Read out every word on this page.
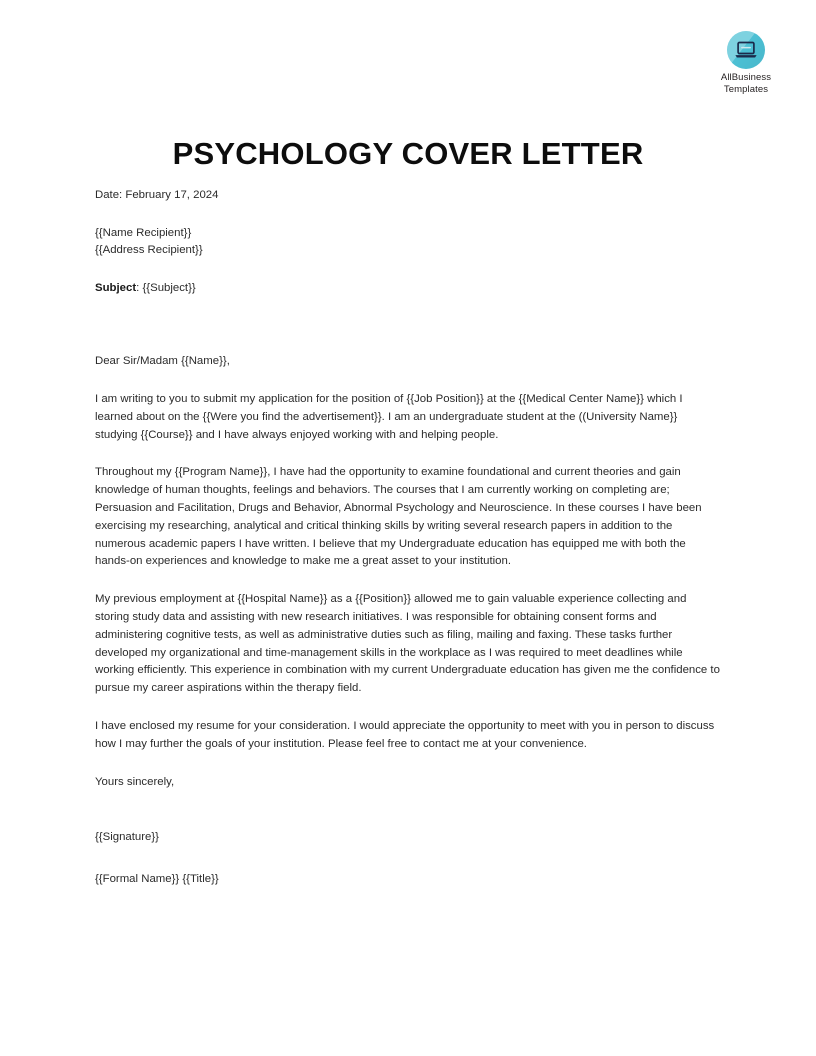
AllBusiness
Templates
PSYCHOLOGY COVER LETTER

Date: February 17, 2024

{{Name Recipient}}

{{Address Recipient}}

Subject: {{Subject}}

Dear Sir/Madam {{Name}},

I am writing to you to submit my application for the position of {{Job Position}} at the {{Medical Center Name}} which I learned about on the {{Were you find the advertisement}}. I am an undergraduate student at the ((University Name}} studying {{Course}} and I have always enjoyed working with and helping people.

Throughout my {{Program Name}}, I have had the opportunity to examine foundational and current theories and gain knowledge of human thoughts, feelings and behaviors. The courses that I am currently working on completing are; Persuasion and Facilitation, Drugs and Behavior, Abnormal Psychology and Neuroscience. In these courses I have been exercising my researching, analytical and critical thinking skills by writing several research papers in addition to the numerous academic papers I have written. I believe that my Undergraduate education has equipped me with both the hands-on experiences and knowledge to make me a great asset to your institution.

My previous employment at {{Hospital Name}} as a {{Position}} allowed me to gain valuable experience collecting and storing study data and assisting with new research initiatives. I was responsible for obtaining consent forms and administering cognitive tests, as well as administrative duties such as filing, mailing and faxing. These tasks further developed my organizational and time-management skills in the workplace as I was required to meet deadlines while working efficiently. This experience in combination with my current Undergraduate education has given me the confidence to pursue my career aspirations within the therapy field.

I have enclosed my resume for your consideration. I would appreciate the opportunity to meet with you in person to discuss how I may further the goals of your institution. Please feel free to contact me at your convenience.

Yours sincerely,

{{Signature}}

{{Formal Name}} {{Title}}
